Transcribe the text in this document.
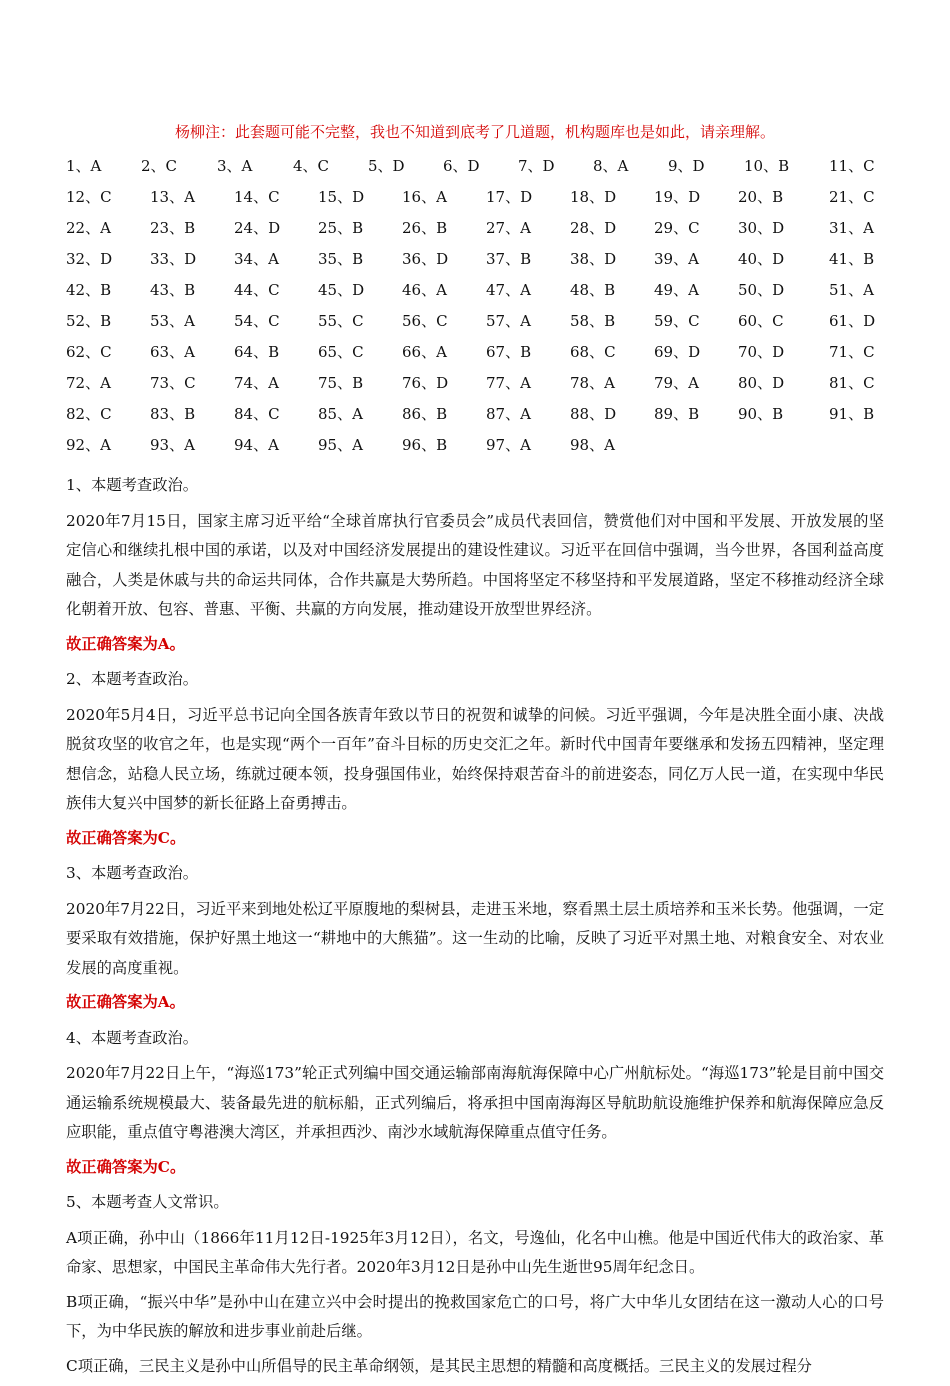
杨柳注：此套题可能不完整，我也不知道到底考了几道题，机构题库也是如此，请亲理解。
1、A	2、C	3、A	4、C	5、D	6、D	7、D	8、A	9、D	10、B	11、C
12、C	13、A	14、C	15、D	16、A	17、D	18、D	19、D	20、B	21、C
22、A	23、B	24、D	25、B	26、B	27、A	28、D	29、C	30、D	31、A
32、D	33、D	34、A	35、B	36、D	37、B	38、D	39、A	40、D	41、B
42、B	43、B	44、C	45、D	46、A	47、A	48、B	49、A	50、D	51、A
52、B	53、A	54、C	55、C	56、C	57、A	58、B	59、C	60、C	61、D
62、C	63、A	64、B	65、C	66、A	67、B	68、C	69、D	70、D	71、C
72、A	73、C	74、A	75、B	76、D	77、A	78、A	79、A	80、D	81、C
82、C	83、B	84、C	85、A	86、B	87、A	88、D	89、B	90、B	91、B
92、A	93、A	94、A	95、A	96、B	97、A	98、A

1、本题考查政治。

2020年7月15日，国家主席习近平给“全球首席执行官委员会”成员代表回信，赞赏他们对中国和平发展、开放发展的坚定信心和继续扎根中国的承诺，以及对中国经济发展提出的建设性建议。习近平在回信中强调，当今世界，各国利益高度融合，人类是休戚与共的命运共同体，合作共赢是大势所趋。中国将坚定不移坚持和平发展道路，坚定不移推动经济全球化朝着开放、包容、普惠、平衡、共赢的方向发展，推动建设开放型世界经济。

故正确答案为A。

2、本题考查政治。

2020年5月4日，习近平总书记向全国各族青年致以节日的祝贺和诚挚的问候。习近平强调，今年是决胜全面小康、决战脱贫攻坚的收官之年，也是实现“两个一百年”奋斗目标的历史交汇之年。新时代中国青年要继承和发扬五四精神，坚定理想信念，站稳人民立场，练就过硬本领，投身强国伟业，始终保持艰苦奋斗的前进姿态，同亿万人民一道，在实现中华民族伟大复兴中国梦的新长征路上奋勇搏击。

故正确答案为C。

3、本题考查政治。

2020年7月22日，习近平来到地处松辽平原腹地的梨树县，走进玉米地，察看黑土层土质培养和玉米长势。他强调，一定要采取有效措施，保护好黑土地这一“耕地中的大熊猫”。这一生动的比喻，反映了习近平对黑土地、对粮食安全、对农业发展的高度重视。

故正确答案为A。

4、本题考查政治。

2020年7月22日上午，“海巡173”轮正式列编中国交通运输部南海航海保障中心广州航标处。“海巡173”轮是目前中国交通运输系统规模最大、装备最先进的航标船，正式列编后，将承担中国南海海区导航助航设施维护保养和航海保障应急反应职能，重点值守粤港澳大湾区，并承担西沙、南沙水域航海保障重点值守任务。

故正确答案为C。

5、本题考查人文常识。

A项正确，孙中山（1866年11月12日-1925年3月12日），名文，号逸仙，化名中山樵。他是中国近代伟大的政治家、革命家、思想家，中国民主革命伟大先行者。2020年3月12日是孙中山先生逝世95周年纪念日。

B项正确，“振兴中华”是孙中山在建立兴中会时提出的挽救国家危亡的口号，将广大中华儿女团结在这一激动人心的口号下，为中华民族的解放和进步事业前赴后继。

C项正确，三民主义是孙中山所倡导的民主革命纲领，是其民主思想的精髓和高度概括。三民主义的发展过程分
